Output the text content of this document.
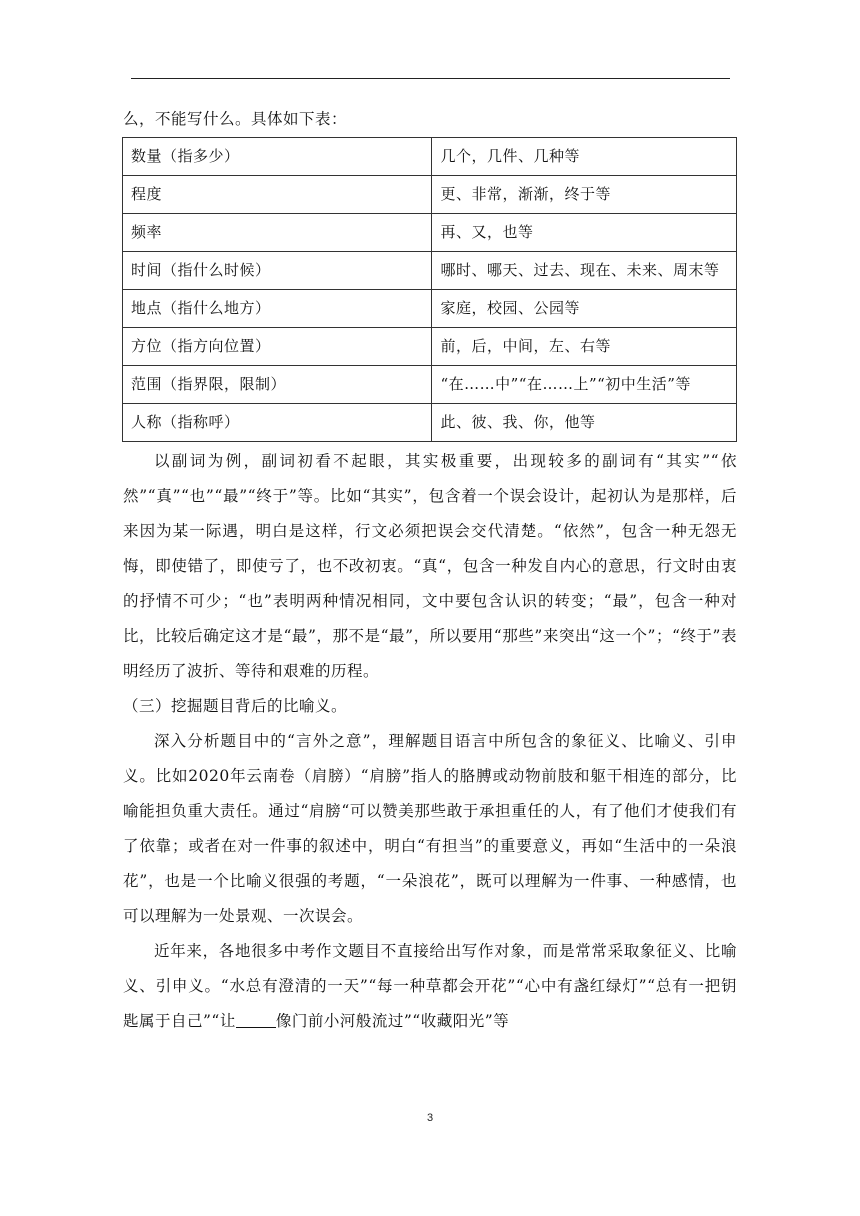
么，不能写什么。具体如下表：

数量（指多少）	几个，几件、几种等
程度	更、非常，渐渐，终于等
频率	再、又，也等
时间（指什么时候）	哪时、哪天、过去、现在、未来、周末等
地点（指什么地方）	家庭，校园、公园等
方位（指方向位置）	前，后，中间，左、右等
范围（指界限，限制）	“在……中”“在……上”“初中生活”等
人称（指称呼）	此、彼、我、你，他等

以副词为例，副词初看不起眼，其实极重要，出现较多的副词有“其实”“依然”“真”“也”“最”“终于”等。比如“其实”，包含着一个误会设计，起初认为是那样，后来因为某一际遇，明白是这样，行文必须把误会交代清楚。“依然”，包含一种无怨无悔，即使错了，即使亏了，也不改初衷。“真“，包含一种发自内心的意思，行文时由衷的抒情不可少；“也”表明两种情况相同，文中要包含认识的转变；“最”，包含一种对比，比较后确定这才是“最”，那不是“最”，所以要用“那些”来突出“这一个”；“终于”表明经历了波折、等待和艰难的历程。

（三）挖掘题目背后的比喻义。

深入分析题目中的“言外之意”，理解题目语言中所包含的象征义、比喻义、引申义。比如2020年云南卷（肩膀）“肩膀”指人的胳膊或动物前肢和躯干相连的部分，比喻能担负重大责任。通过“肩膀“可以赞美那些敢于承担重任的人，有了他们才使我们有了依靠；或者在对一件事的叙述中，明白“有担当”的重要意义，再如“生活中的一朵浪花”，也是一个比喻义很强的考题，“一朵浪花”，既可以理解为一件事、一种感情，也可以理解为一处景观、一次误会。

近年来，各地很多中考作文题目不直接给出写作对象，而是常常采取象征义、比喻义、引申义。“水总有澄清的一天”“每一种草都会开花”“心中有盏红绿灯”“总有一把钥匙属于自己”“让	像门前小河般流过”“收藏阳光”等

3
